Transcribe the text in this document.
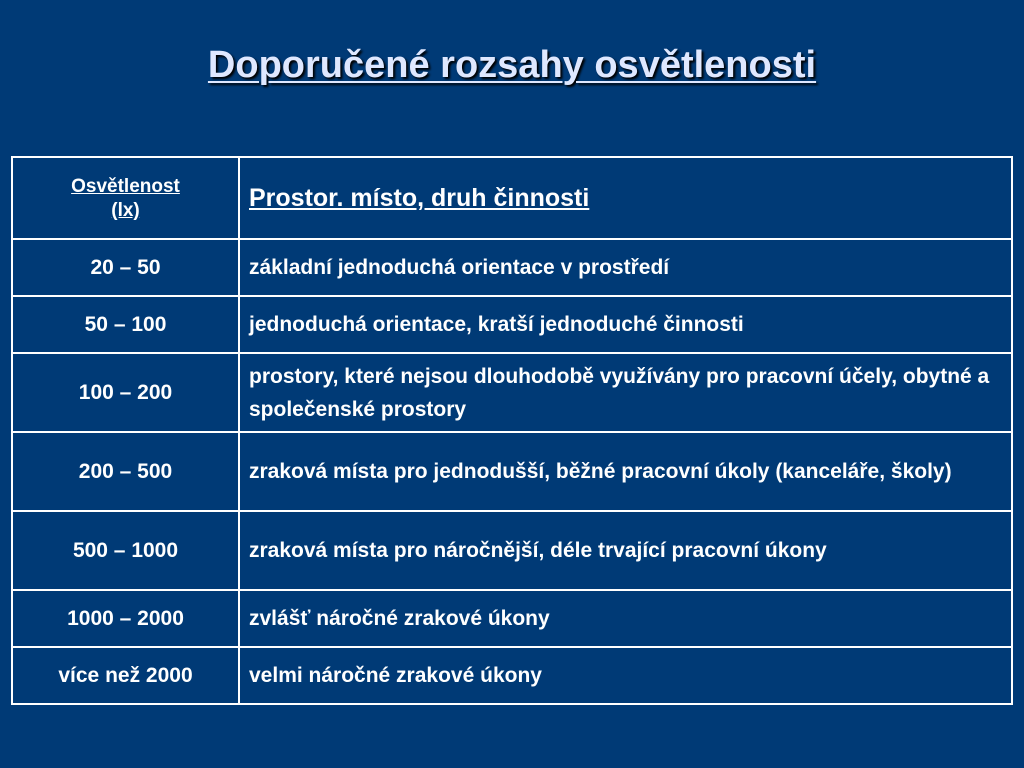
Doporučené rozsahy osvětlenosti
Osvětlenost
(lx)	Prostor. místo, druh činnosti
20 – 50	základní jednoduchá orientace v prostředí
50 – 100	jednoduchá orientace, kratší jednoduché činnosti
100 – 200	prostory, které nejsou dlouhodobě využívány pro pracovní účely, obytné a společenské prostory
200 – 500	zraková místa pro jednodušší, běžné pracovní úkoly (kanceláře, školy)
500 – 1000	zraková místa pro náročnější, déle trvající pracovní úkony
1000 – 2000	zvlášť náročné zrakové úkony
více než 2000	velmi náročné zrakové úkony
